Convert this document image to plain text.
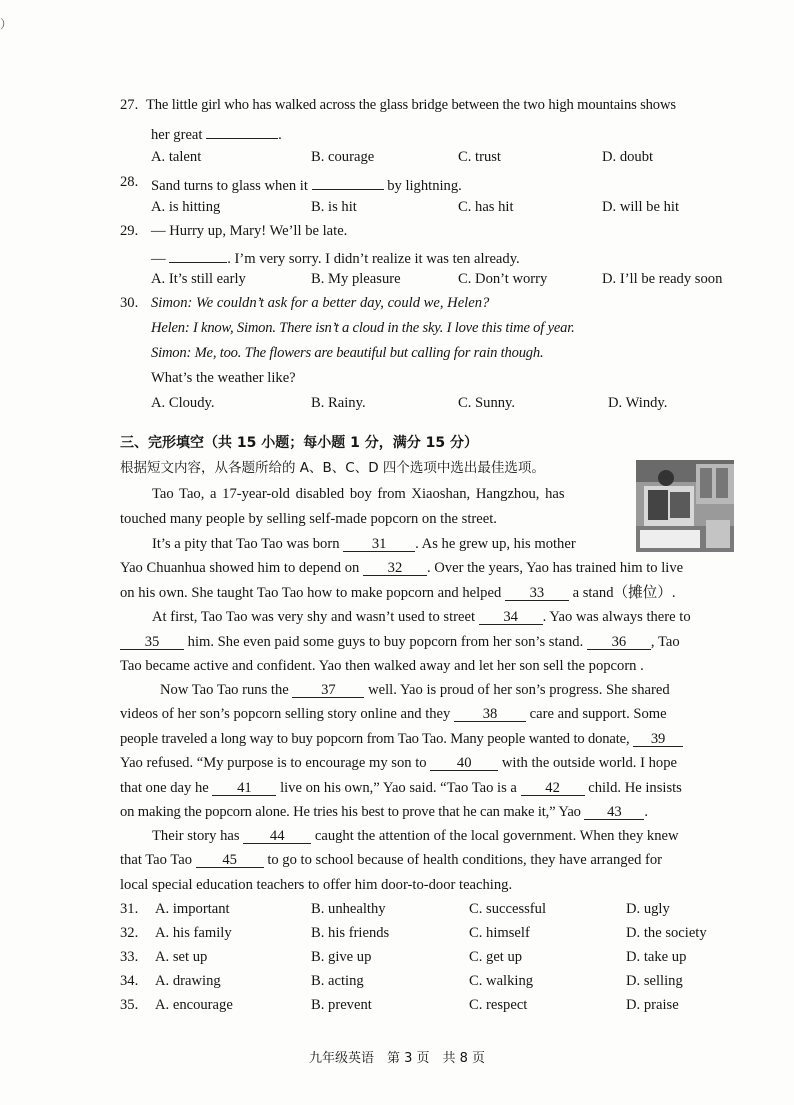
）
27. The little girl who has walked across the glass bridge between the two high mountains shows
her great	.
A. talent	B. courage	C. trust	D. doubt
28. Sand turns to glass when it	by lightning.
A. is hitting	B. is hit	C. has hit	D. will be hit
29. — Hurry up, Mary! We’ll be late.
—	. I’m very sorry. I didn’t realize it was ten already.
A. It’s still early	B. My pleasure	C. Don’t worry	D. I’ll be ready soon
30. Simon: We couldn’t ask for a better day, could we, Helen?
Helen: I know, Simon. There isn’t a cloud in the sky. I love this time of year.
Simon: Me, too. The flowers are beautiful but calling for rain though.
What’s the weather like?
A. Cloudy.	B. Rainy.	C. Sunny.	D. Windy.
三、完形填空（共 15 小题；每小题 1 分，满分 15 分）
根据短文内容，从各题所给的 A、B、C、D 四个选项中选出最佳选项。
Tao Tao, a 17-year-old disabled boy from Xiaoshan, Hangzhou, has
touched many people by selling self-made popcorn on the street.
It’s a pity that Tao Tao was born 31 . As he grew up, his mother
Yao Chuanhua showed him to depend on 32 . Over the years, Yao has trained him to live
on his own. She taught Tao Tao how to make popcorn and helped 33 a stand（摊位）.
At first, Tao Tao was very shy and wasn’t used to street 34 . Yao was always there to
35 him. She even paid some guys to buy popcorn from her son’s stand. 36 , Tao
Tao became active and confident. Yao then walked away and let her son sell the popcorn .
Now Tao Tao runs the 37 well. Yao is proud of her son’s progress. She shared
videos of her son’s popcorn selling story online and they 38 care and support. Some
people traveled a long way to buy popcorn from Tao Tao. Many people wanted to donate, 39
Yao refused. “My purpose is to encourage my son to 40 with the outside world. I hope
that one day he 41 live on his own,” Yao said. “Tao Tao is a 42 child. He insists
on making the popcorn alone. He tries his best to prove that he can make it,” Yao 43 .
Their story has 44 caught the attention of the local government. When they knew
that Tao Tao 45 to go to school because of health conditions, they have arranged for
local special education teachers to offer him door-to-door teaching.
31. A. important	B. unhealthy	C. successful	D. ugly
32. A. his family	B. his friends	C. himself	D. the society
33. A. set up	B. give up	C. get up	D. take up
34. A. drawing	B. acting	C. walking	D. selling
35. A. encourage	B. prevent	C. respect	D. praise
九年级英语　第 3 页　共 8 页
